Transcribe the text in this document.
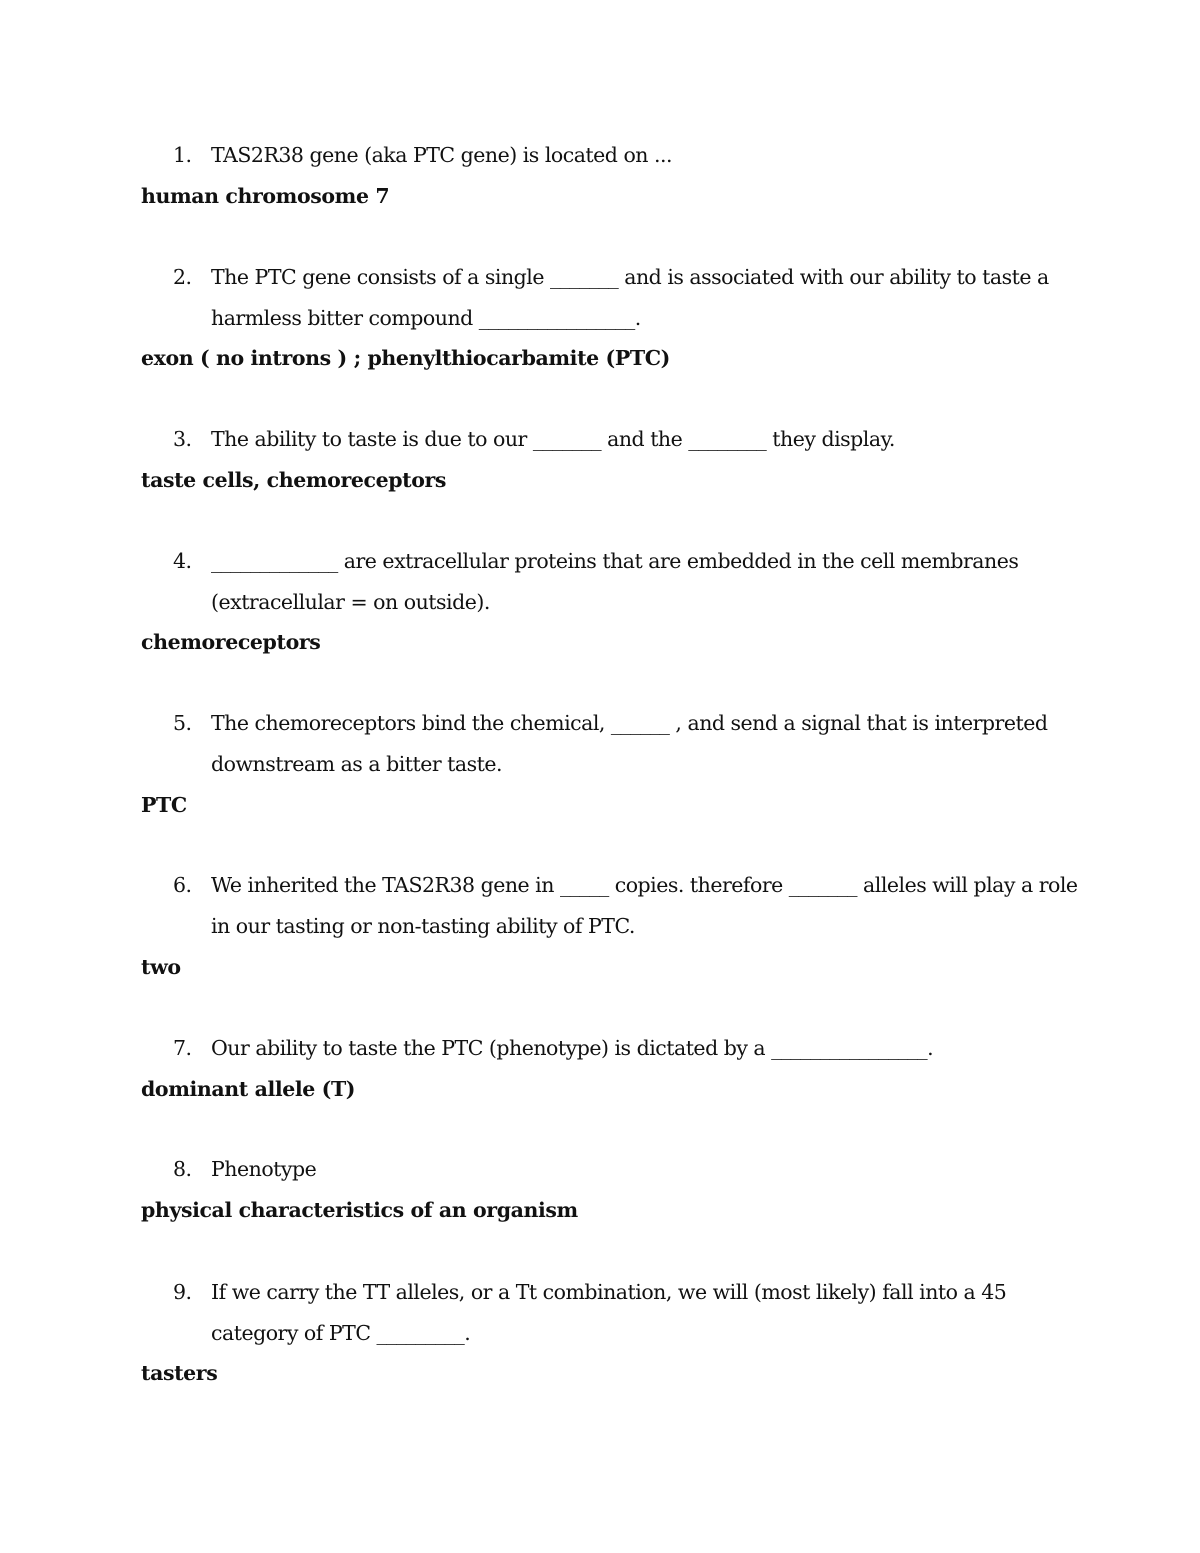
1. TAS2R38 gene (aka PTC gene) is located on ...
human chromosome 7
2. The PTC gene consists of a single _______ and is associated with our ability to taste a
harmless bitter compound ________________.
exon ( no introns ) ; phenylthiocarbamite (PTC)
3. The ability to taste is due to our _______ and the ________ they display.
taste cells, chemoreceptors
4. _____________ are extracellular proteins that are embedded in the cell membranes
(extracellular = on outside).
chemoreceptors
5. The chemoreceptors bind the chemical, ______ , and send a signal that is interpreted
downstream as a bitter taste.
PTC
6. We inherited the TAS2R38 gene in _____ copies. therefore _______ alleles will play a role
in our tasting or non-tasting ability of PTC.
two
7. Our ability to taste the PTC (phenotype) is dictated by a ________________.
dominant allele (T)
8. Phenotype
physical characteristics of an organism
9. If we carry the TT alleles, or a Tt combination, we will (most likely) fall into a 45
category of PTC _________.
tasters
